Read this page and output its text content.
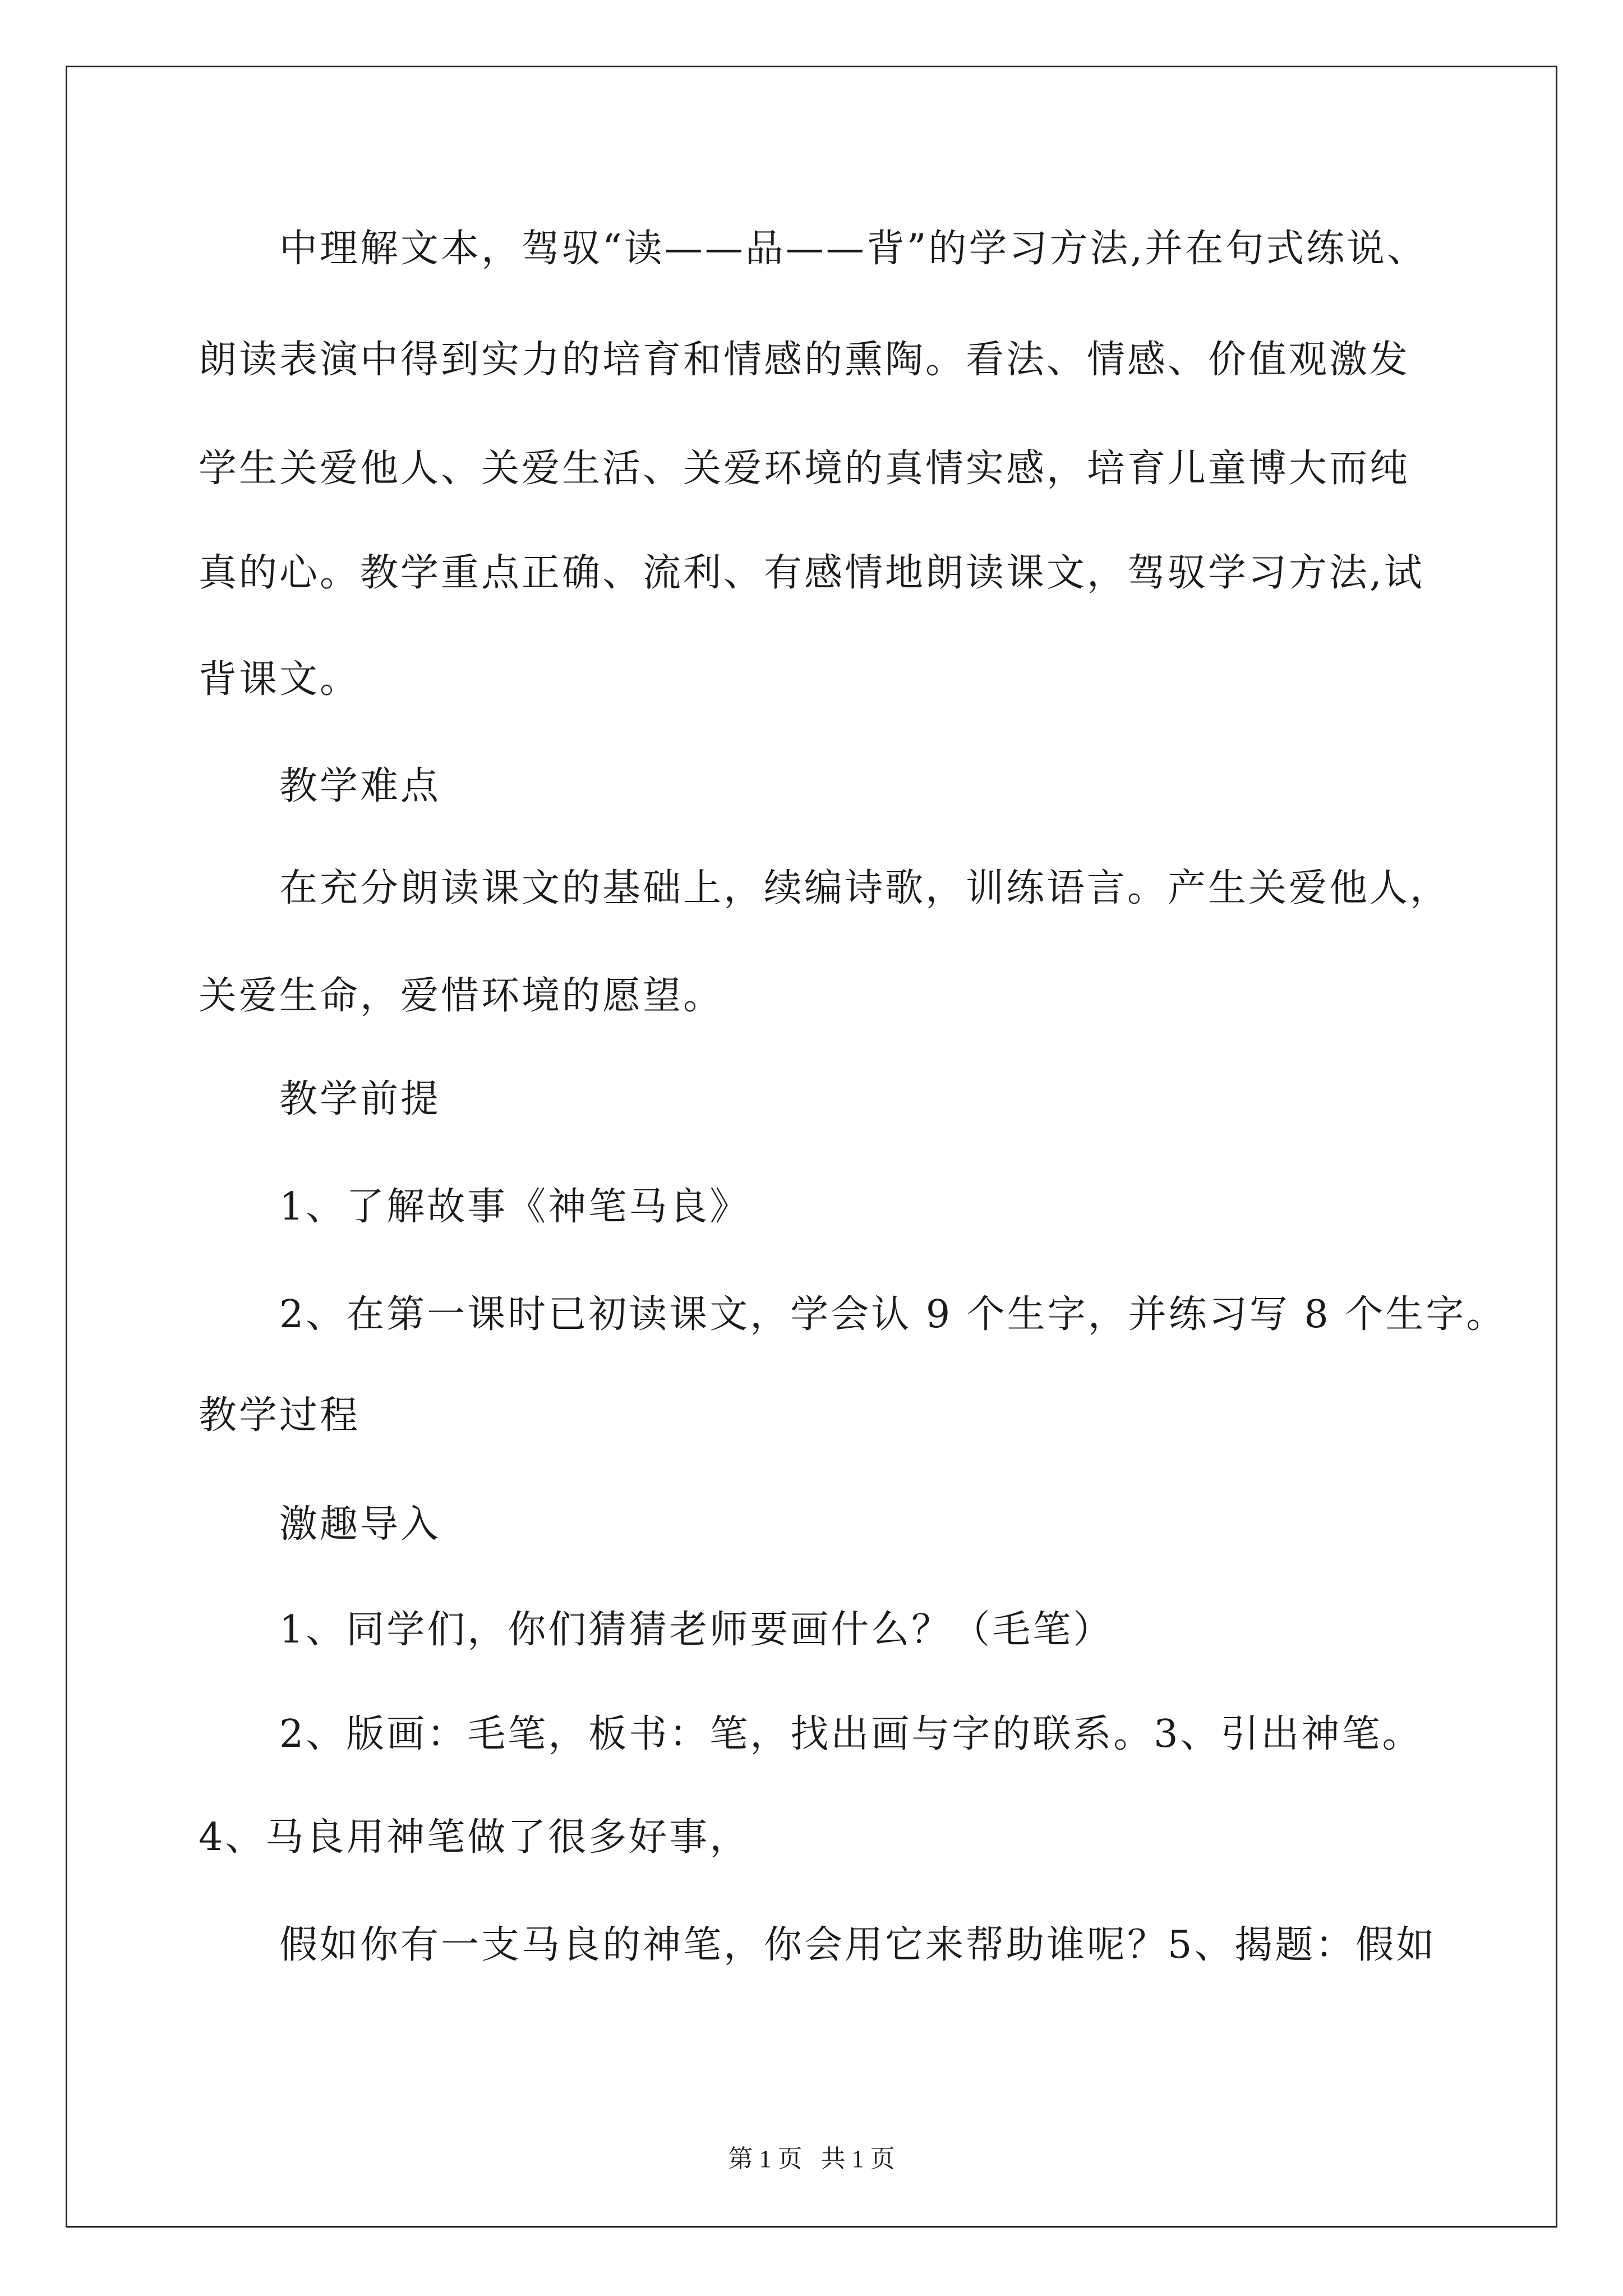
中理解文本，驾驭“读——品——背”的学习方法,并在句式练说、

朗读表演中得到实力的培育和情感的熏陶。看法、情感、价值观激发

学生关爱他人、关爱生活、关爱环境的真情实感，培育儿童博大而纯

真的心。教学重点正确、流利、有感情地朗读课文，驾驭学习方法,试

背课文。

教学难点

在充分朗读课文的基础上，续编诗歌，训练语言。产生关爱他人，

关爱生命，爱惜环境的愿望。

教学前提

1、了解故事《神笔马良》

2、在第一课时已初读课文，学会认 9 个生字，并练习写 8 个生字。

教学过程

激趣导入

1、同学们，你们猜猜老师要画什么？（毛笔）

2、版画：毛笔，板书：笔，找出画与字的联系。3、引出神笔。

4、马良用神笔做了很多好事，

假如你有一支马良的神笔，你会用它来帮助谁呢？5、揭题：假如

第 1 页   共 1 页
